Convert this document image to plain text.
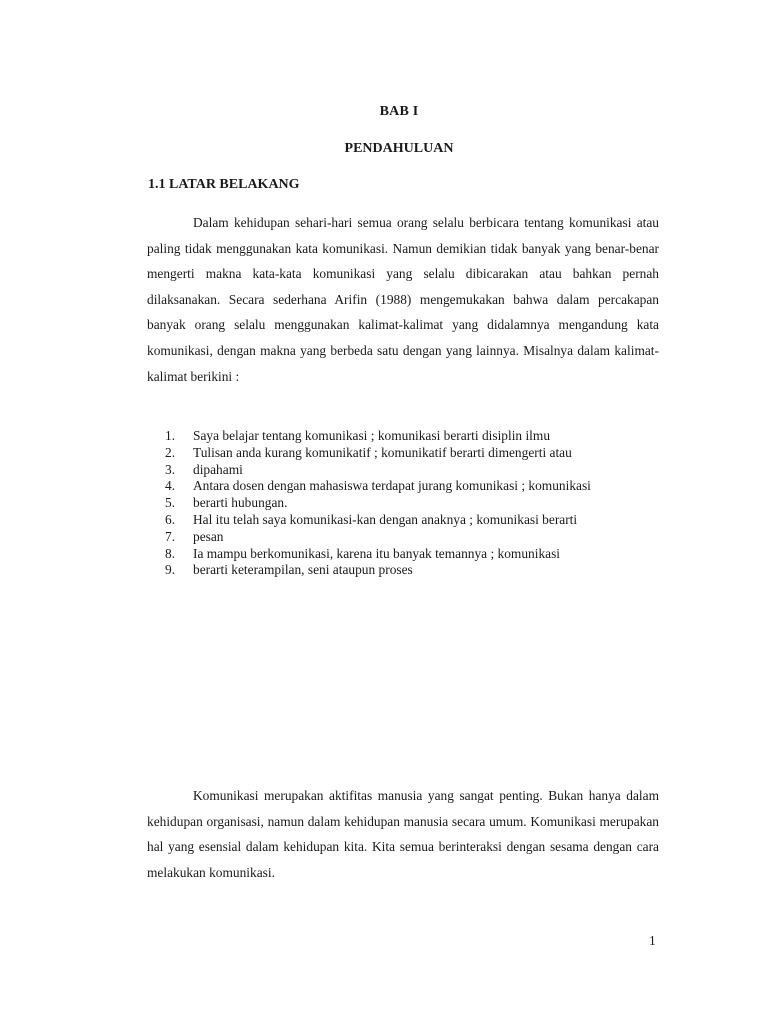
BAB I
PENDAHULUAN
1.1 LATAR BELAKANG
Dalam kehidupan sehari-hari semua orang selalu berbicara tentang komunikasi atau paling tidak menggunakan kata komunikasi. Namun demikian tidak banyak yang benar-benar mengerti makna kata-kata komunikasi yang selalu dibicarakan atau bahkan pernah dilaksanakan. Secara sederhana Arifin (1988) mengemukakan bahwa dalam percakapan banyak orang selalu menggunakan kalimat-kalimat yang didalamnya mengandung kata komunikasi, dengan makna yang berbeda satu dengan yang lainnya. Misalnya dalam kalimat-kalimat berikini :
1.	Saya belajar tentang komunikasi ; komunikasi berarti disiplin ilmu
2.	Tulisan anda kurang komunikatif ; komunikatif berarti dimengerti atau
3.	dipahami
4.	Antara dosen dengan mahasiswa terdapat jurang komunikasi ; komunikasi
5.	berarti hubungan.
6.	Hal itu telah saya komunikasi-kan dengan anaknya ; komunikasi berarti
7.	pesan
8.	Ia mampu berkomunikasi, karena itu banyak temannya ; komunikasi
9.	berarti keterampilan, seni ataupun proses
Komunikasi merupakan aktifitas manusia yang sangat penting. Bukan hanya dalam kehidupan organisasi, namun dalam kehidupan manusia secara umum. Komunikasi merupakan hal yang esensial dalam kehidupan kita. Kita semua berinteraksi dengan sesama dengan cara melakukan komunikasi.
1
